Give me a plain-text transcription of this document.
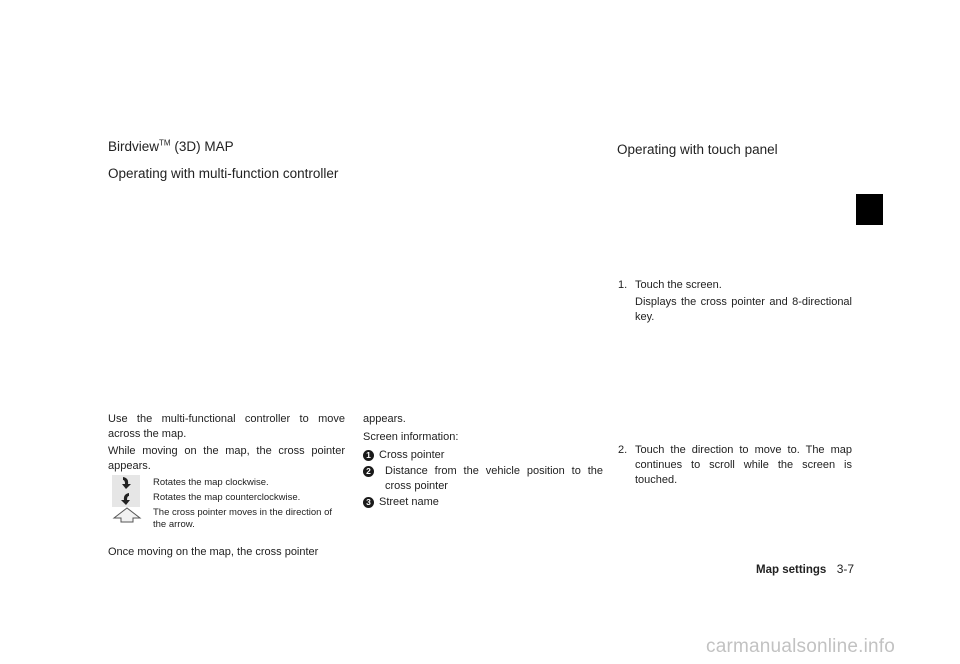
Birdview™ (3D) MAP
Operating with multi-function controller
Use the multi-functional controller to move across the map.
While moving on the map, the cross pointer appears.
Rotates the map clockwise.
Rotates the map counterclockwise.
The cross pointer moves in the direction of the arrow.
Once moving on the map, the cross pointer
appears.
Screen information:
1 Cross pointer
2 Distance from the vehicle position to the cross pointer
3 Street name
Operating with touch panel
1. Touch the screen.
Displays the cross pointer and 8-directional key.
2. Touch the direction to move to. The map continues to scroll while the screen is touched.
Map settings 3-7
carmanualsonline.info
